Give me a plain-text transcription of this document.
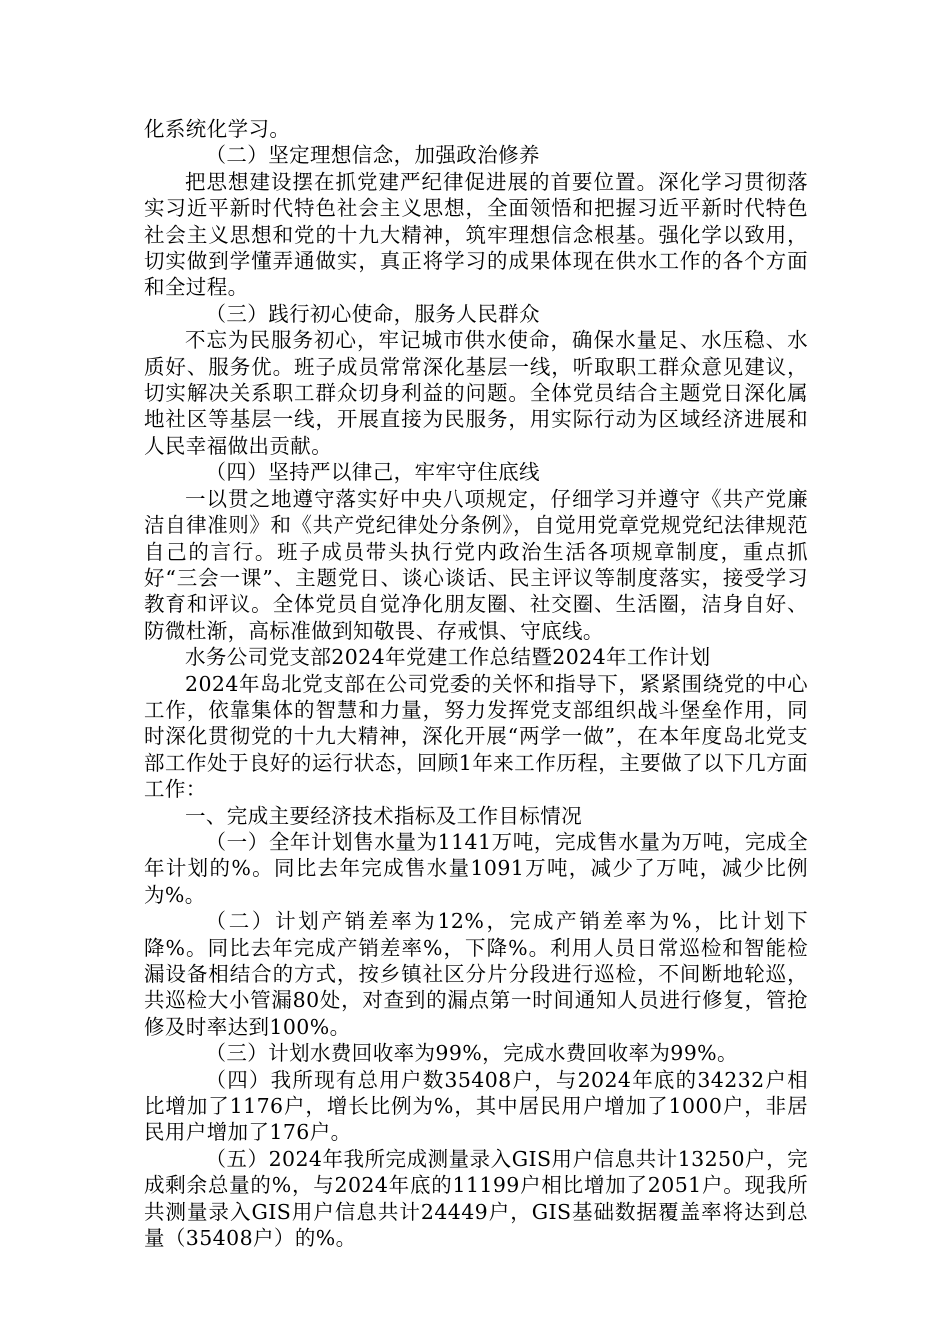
化系统化学习。

（二）坚定理想信念，加强政治修养

把思想建设摆在抓党建严纪律促进展的首要位置。深化学习贯彻落实习近平新时代特色社会主义思想，全面领悟和把握习近平新时代特色社会主义思想和党的十九大精神，筑牢理想信念根基。强化学以致用，切实做到学懂弄通做实，真正将学习的成果体现在供水工作的各个方面和全过程。

（三）践行初心使命，服务人民群众

不忘为民服务初心，牢记城市供水使命，确保水量足、水压稳、水质好、服务优。班子成员常常深化基层一线，听取职工群众意见建议，切实解决关系职工群众切身利益的问题。全体党员结合主题党日深化属地社区等基层一线，开展直接为民服务，用实际行动为区域经济进展和人民幸福做出贡献。

（四）坚持严以律己，牢牢守住底线

一以贯之地遵守落实好中央八项规定，仔细学习并遵守《共产党廉洁自律准则》和《共产党纪律处分条例》，自觉用党章党规党纪法律规范自己的言行。班子成员带头执行党内政治生活各项规章制度，重点抓好“三会一课”、主题党日、谈心谈话、民主评议等制度落实，接受学习教育和评议。全体党员自觉净化朋友圈、社交圈、生活圈，洁身自好、防微杜渐，高标准做到知敬畏、存戒惧、守底线。

水务公司党支部2024年党建工作总结暨2024年工作计划

2024年岛北党支部在公司党委的关怀和指导下，紧紧围绕党的中心工作，依靠集体的智慧和力量，努力发挥党支部组织战斗堡垒作用，同时深化贯彻党的十九大精神，深化开展“两学一做”，在本年度岛北党支部工作处于良好的运行状态，回顾1年来工作历程，主要做了以下几方面工作：

一、完成主要经济技术指标及工作目标情况

（一）全年计划售水量为1141万吨，完成售水量为万吨，完成全年计划的%。同比去年完成售水量1091万吨，减少了万吨，减少比例为%。

（二）计划产销差率为12%，完成产销差率为%，比计划下降%。同比去年完成产销差率%，下降%。利用人员日常巡检和智能检漏设备相结合的方式，按乡镇社区分片分段进行巡检，不间断地轮巡，共巡检大小管漏80处，对查到的漏点第一时间通知人员进行修复，管抢修及时率达到100%。

（三）计划水费回收率为99%，完成水费回收率为99%。

（四）我所现有总用户数35408户，与2024年底的34232户相比增加了1176户，增长比例为%，其中居民用户增加了1000户，非居民用户增加了176户。

（五）2024年我所完成测量录入GIS用户信息共计13250户，完成剩余总量的%，与2024年底的11199户相比增加了2051户。现我所共测量录入GIS用户信息共计24449户，GIS基础数据覆盖率将达到总量（35408户）的%。
